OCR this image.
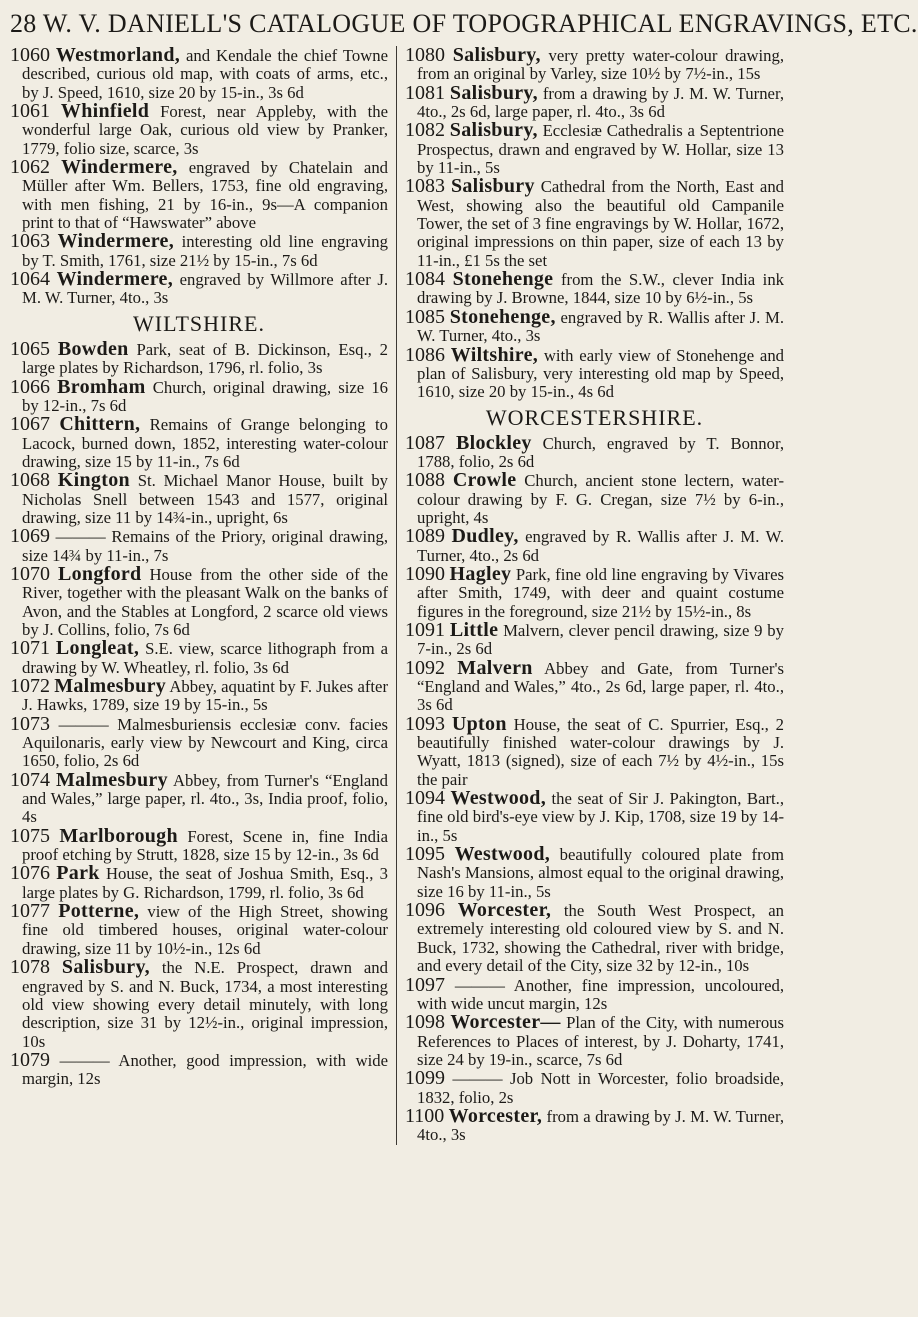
28 W. V. DANIELL'S CATALOGUE OF TOPOGRAPHICAL ENGRAVINGS, ETC.

1060 Westmorland, and Kendale the chief Towne described, curious old map, with coats of arms, etc., by J. Speed, 1610, size 20 by 15-in., 3s 6d

1061 Whinfield Forest, near Appleby, with the wonderful large Oak, curious old view by Pranker, 1779, folio size, scarce, 3s

1062 Windermere, engraved by Chatelain and Müller after Wm. Bellers, 1753, fine old engraving, with men fishing, 21 by 16-in., 9s—A companion print to that of “Hawswater” above

1063 Windermere, interesting old line engraving by T. Smith, 1761, size 21½ by 15-in., 7s 6d

1064 Windermere, engraved by Willmore after J. M. W. Turner, 4to., 3s

WILTSHIRE.

1065 Bowden Park, seat of B. Dickinson, Esq., 2 large plates by Richardson, 1796, rl. folio, 3s

1066 Bromham Church, original drawing, size 16 by 12-in., 7s 6d

1067 Chittern, Remains of Grange belonging to Lacock, burned down, 1852, interesting water-colour drawing, size 15 by 11-in., 7s 6d

1068 Kington St. Michael Manor House, built by Nicholas Snell between 1543 and 1577, original drawing, size 11 by 14¾-in., upright, 6s

1069 ——— Remains of the Priory, original drawing, size 14¾ by 11-in., 7s

1070 Longford House from the other side of the River, together with the pleasant Walk on the banks of Avon, and the Stables at Longford, 2 scarce old views by J. Collins, folio, 7s 6d

1071 Longleat, S.E. view, scarce lithograph from a drawing by W. Wheatley, rl. folio, 3s 6d

1072 Malmesbury Abbey, aquatint by F. Jukes after J. Hawks, 1789, size 19 by 15-in., 5s

1073 ——— Malmesburiensis ecclesiæ conv. facies Aquilonaris, early view by Newcourt and King, circa 1650, folio, 2s 6d

1074 Malmesbury Abbey, from Turner's “England and Wales,” large paper, rl. 4to., 3s, India proof, folio, 4s

1075 Marlborough Forest, Scene in, fine India proof etching by Strutt, 1828, size 15 by 12-in., 3s 6d

1076 Park House, the seat of Joshua Smith, Esq., 3 large plates by G. Richardson, 1799, rl. folio, 3s 6d

1077 Potterne, view of the High Street, showing fine old timbered houses, original water-colour drawing, size 11 by 10½-in., 12s 6d

1078 Salisbury, the N.E. Prospect, drawn and engraved by S. and N. Buck, 1734, a most interesting old view showing every detail minutely, with long description, size 31 by 12½-in., original impression, 10s

1079 ——— Another, good impression, with wide margin, 12s

1080 Salisbury, very pretty water-colour drawing, from an original by Varley, size 10½ by 7½-in., 15s

1081 Salisbury, from a drawing by J. M. W. Turner, 4to., 2s 6d, large paper, rl. 4to., 3s 6d

1082 Salisbury, Ecclesiæ Cathedralis a Septentrione Prospectus, drawn and engraved by W. Hollar, size 13 by 11-in., 5s

1083 Salisbury Cathedral from the North, East and West, showing also the beautiful old Campanile Tower, the set of 3 fine engravings by W. Hollar, 1672, original impressions on thin paper, size of each 13 by 11-in., £1 5s the set

1084 Stonehenge from the S.W., clever India ink drawing by J. Browne, 1844, size 10 by 6½-in., 5s

1085 Stonehenge, engraved by R. Wallis after J. M. W. Turner, 4to., 3s

1086 Wiltshire, with early view of Stonehenge and plan of Salisbury, very interesting old map by Speed, 1610, size 20 by 15-in., 4s 6d

WORCESTERSHIRE.

1087 Blockley Church, engraved by T. Bonnor, 1788, folio, 2s 6d

1088 Crowle Church, ancient stone lectern, water-colour drawing by F. G. Cregan, size 7½ by 6-in., upright, 4s

1089 Dudley, engraved by R. Wallis after J. M. W. Turner, 4to., 2s 6d

1090 Hagley Park, fine old line engraving by Vivares after Smith, 1749, with deer and quaint costume figures in the foreground, size 21½ by 15½-in., 8s

1091 Little Malvern, clever pencil drawing, size 9 by 7-in., 2s 6d

1092 Malvern Abbey and Gate, from Turner's “England and Wales,” 4to., 2s 6d, large paper, rl. 4to., 3s 6d

1093 Upton House, the seat of C. Spurrier, Esq., 2 beautifully finished water-colour drawings by J. Wyatt, 1813 (signed), size of each 7½ by 4½-in., 15s the pair

1094 Westwood, the seat of Sir J. Pakington, Bart., fine old bird's-eye view by J. Kip, 1708, size 19 by 14-in., 5s

1095 Westwood, beautifully coloured plate from Nash's Mansions, almost equal to the original drawing, size 16 by 11-in., 5s

1096 Worcester, the South West Prospect, an extremely interesting old coloured view by S. and N. Buck, 1732, showing the Cathedral, river with bridge, and every detail of the City, size 32 by 12-in., 10s

1097 ——— Another, fine impression, uncoloured, with wide uncut margin, 12s

1098 Worcester— Plan of the City, with numerous References to Places of interest, by J. Doharty, 1741, size 24 by 19-in., scarce, 7s 6d

1099 ——— Job Nott in Worcester, folio broadside, 1832, folio, 2s

1100 Worcester, from a drawing by J. M. W. Turner, 4to., 3s
